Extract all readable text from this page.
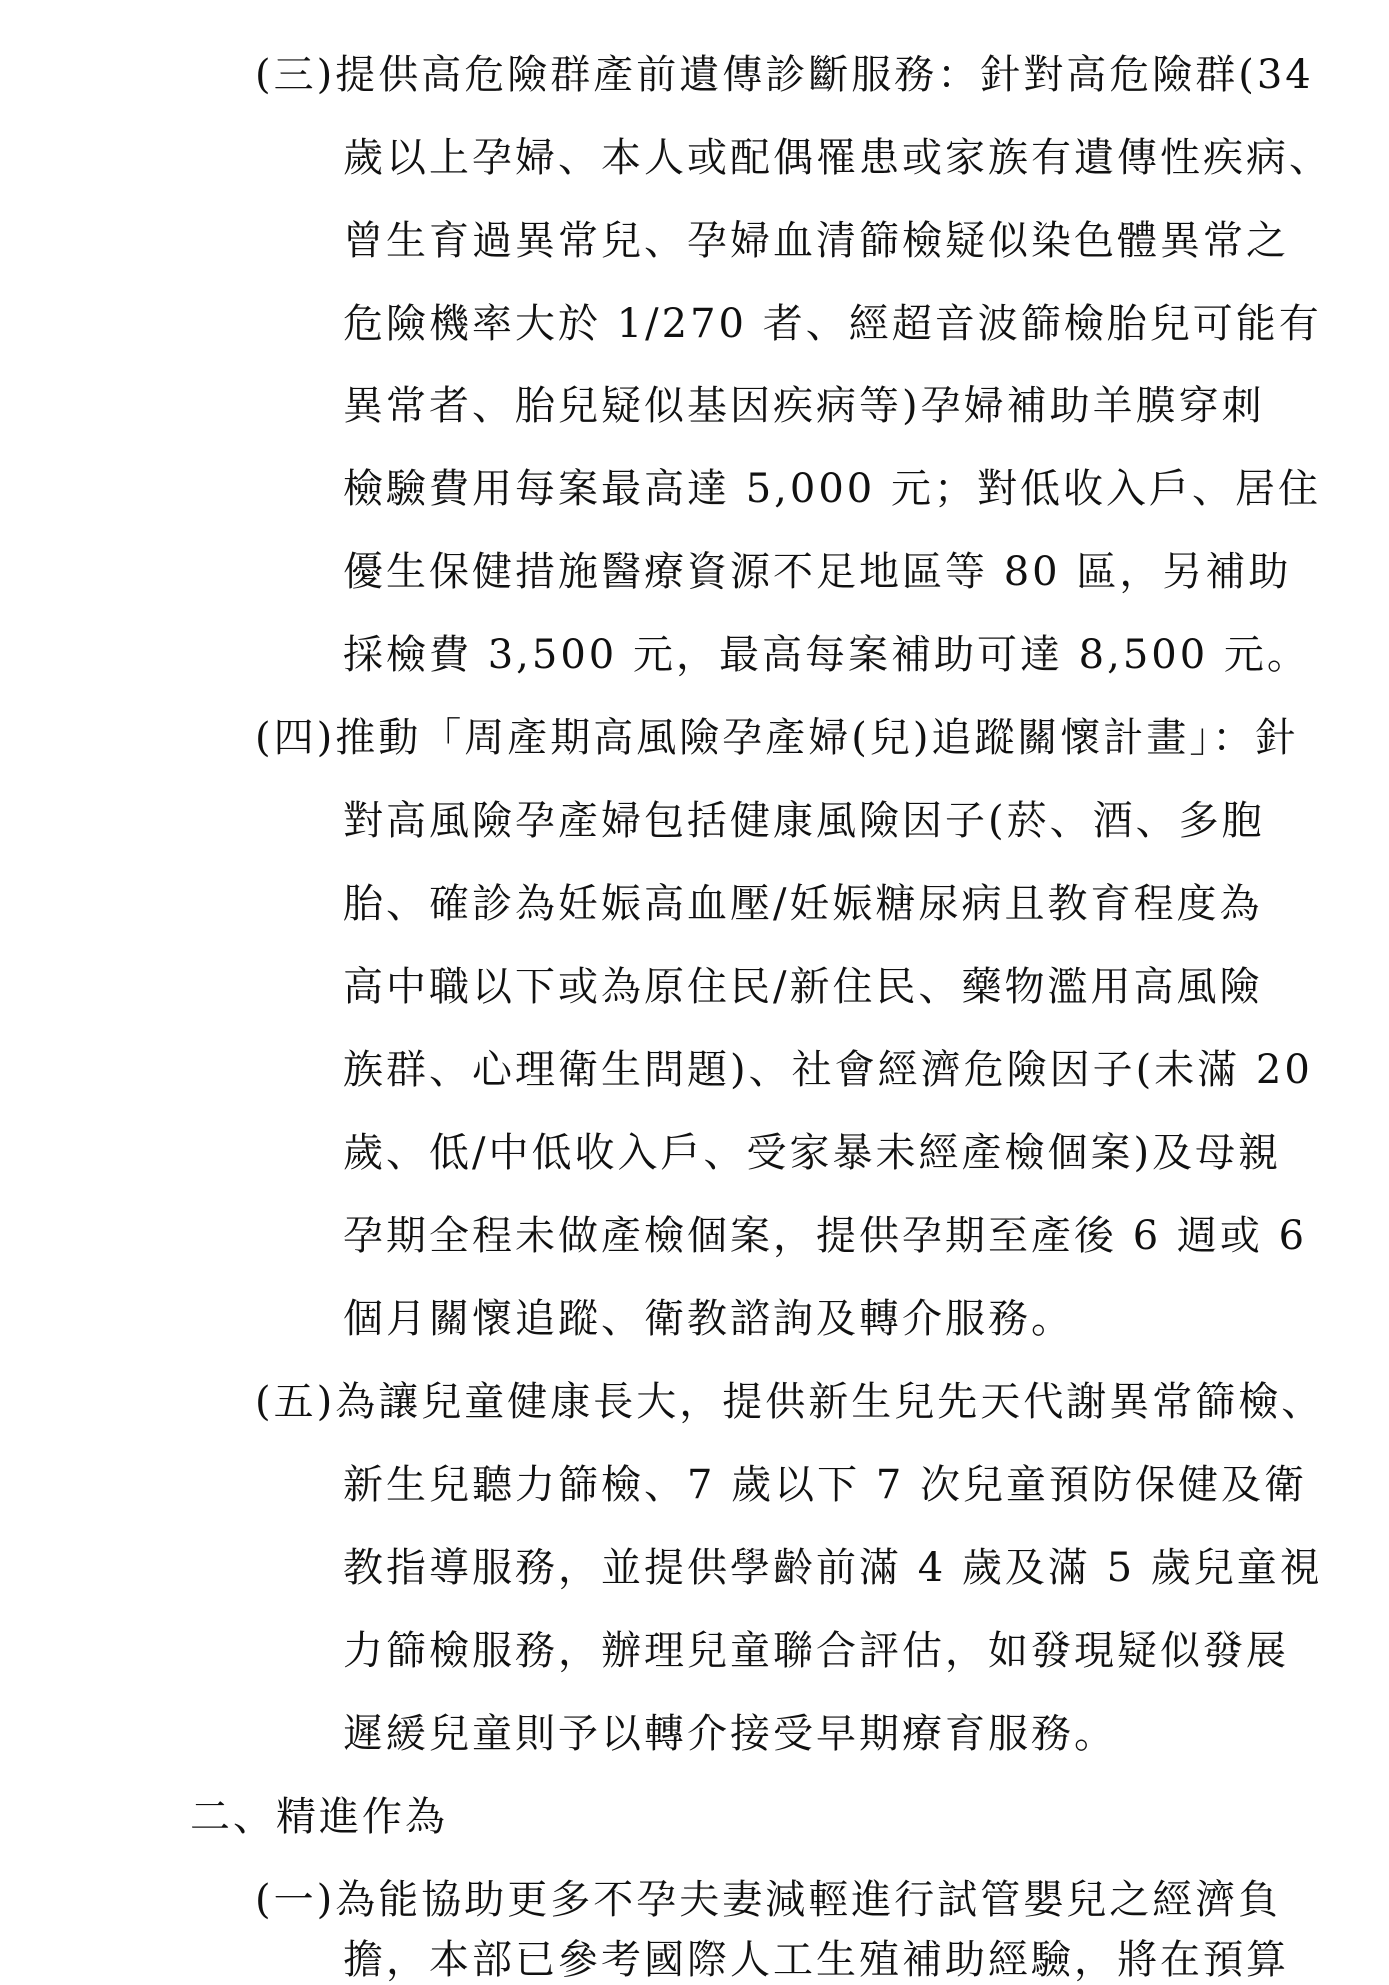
(三)提供高危險群產前遺傳診斷服務：針對高危險群(34
歲以上孕婦、本人或配偶罹患或家族有遺傳性疾病、
曾生育過異常兒、孕婦血清篩檢疑似染色體異常之
危險機率大於 1/270 者、經超音波篩檢胎兒可能有
異常者、胎兒疑似基因疾病等)孕婦補助羊膜穿刺
檢驗費用每案最高達 5,000 元；對低收入戶、居住
優生保健措施醫療資源不足地區等 80 區，另補助
採檢費 3,500 元，最高每案補助可達 8,500 元。
(四)推動「周產期高風險孕產婦(兒)追蹤關懷計畫」：針
對高風險孕產婦包括健康風險因子(菸、酒、多胞
胎、確診為妊娠高血壓/妊娠糖尿病且教育程度為
高中職以下或為原住民/新住民、藥物濫用高風險
族群、心理衛生問題)、社會經濟危險因子(未滿 20
歲、低/中低收入戶、受家暴未經產檢個案)及母親
孕期全程未做產檢個案，提供孕期至產後 6 週或 6
個月關懷追蹤、衛教諮詢及轉介服務。
(五)為讓兒童健康長大，提供新生兒先天代謝異常篩檢、
新生兒聽力篩檢、7 歲以下 7 次兒童預防保健及衛
教指導服務，並提供學齡前滿 4 歲及滿 5 歲兒童視
力篩檢服務，辦理兒童聯合評估，如發現疑似發展
遲緩兒童則予以轉介接受早期療育服務。
二、精進作為
(一)為能協助更多不孕夫妻減輕進行試管嬰兒之經濟負
擔，本部已參考國際人工生殖補助經驗，將在預算
